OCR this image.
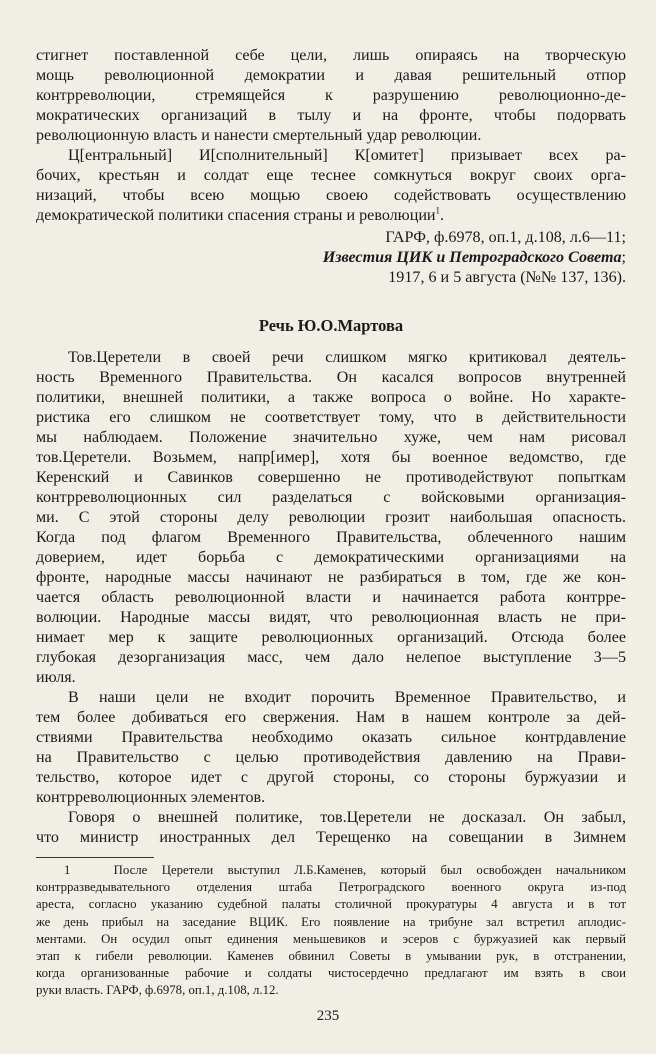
стигнет поставленной себе цели, лишь опираясь на творческую
мощь революционной демократии и давая решительный отпор
контрреволюции, стремящейся к разрушению революционно-де-
мократических организаций в тылу и на фронте, чтобы подорвать
революционную власть и нанести смертельный удар революции.
Ц[ентральный] И[сполнительный] К[омитет] призывает всех ра-
бочих, крестьян и солдат еще теснее сомкнуться вокруг своих орга-
низаций, чтобы всею мощью своею содействовать осуществлению
демократической политики спасения страны и революции$^1$.
ГАРФ, ф.6978, оп.1, д.108, л.6—11;
Известия ЦИК и Петроградского Совета;
1917, 6 и 5 августа (№№ 137, 136).
Речь Ю.О.Мартова
Тов.Церетели в своей речи слишком мягко критиковал деятель-
ность Временного Правительства. Он касался вопросов внутренней
политики, внешней политики, а также вопроса о войне. Но характе-
ристика его слишком не соответствует тому, что в действительности
мы наблюдаем. Положение значительно хуже, чем нам рисовал
тов.Церетели. Возьмем, напр[имер], хотя бы военное ведомство, где
Керенский и Савинков совершенно не противодействуют попыткам
контрреволюционных сил разделаться с войсковыми организация-
ми. С этой стороны делу революции грозит наибольшая опасность.
Когда под флагом Временного Правительства, облеченного нашим
доверием, идет борьба с демократическими организациями на
фронте, народные массы начинают не разбираться в том, где же кон-
чается область революционной власти и начинается работа контрре-
волюции. Народные массы видят, что революционная власть не при-
нимает мер к защите революционных организаций. Отсюда более
глубокая дезорганизация масс, чем дало нелепое выступление 3—5
июля.
В наши цели не входит порочить Временное Правительство, и
тем более добиваться его свержения. Нам в нашем контроле за дей-
ствиями Правительства необходимо оказать сильное контрдавление
на Правительство с целью противодействия давлению на Прави-
тельство, которое идет с другой стороны, со стороны буржуазии и
контрреволюционных элементов.
Говоря о внешней политике, тов.Церетели не досказал. Он забыл,
что министр иностранных дел Терещенко на совещании в Зимнем
1	После Церетели выступил Л.Б.Каменев, который был освобожден начальником
контрразведывательного отделения штаба Петроградского военного округа из-под
ареста, согласно указанию судебной палаты столичной прокуратуры 4 августа и в тот
же день прибыл на заседание ВЦИК. Его появление на трибуне зал встретил аплодис-
ментами. Он осудил опыт единения меньшевиков и эсеров с буржуазией как первый
этап к гибели революции. Каменев обвинил Советы в умывании рук, в отстранении,
когда организованные рабочие и солдаты чистосердечно предлагают им взять в свои
руки власть. ГАРФ, ф.6978, оп.1, д.108, л.12.
235
